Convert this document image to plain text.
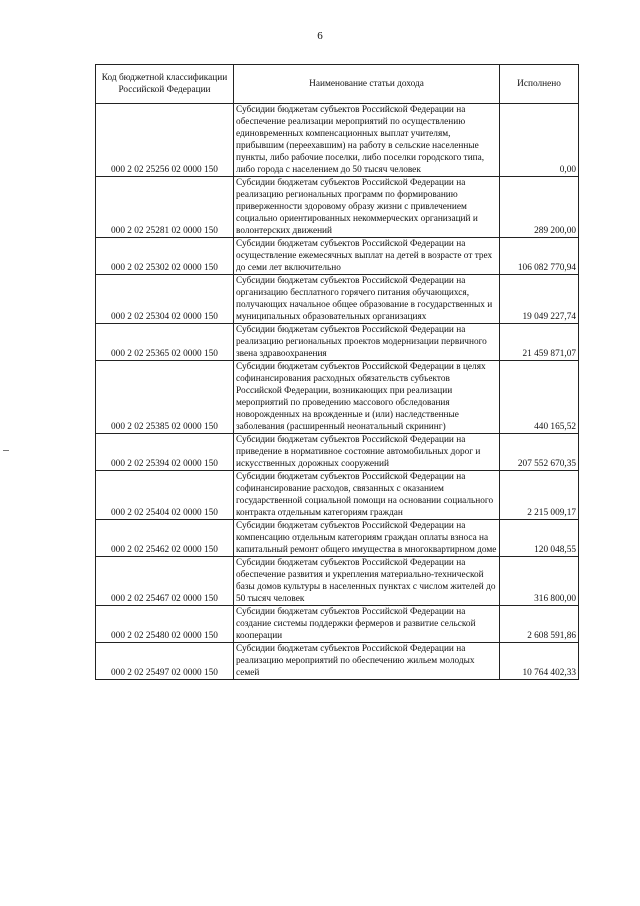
6
Код бюджетной классификации Российской Федерации	Наименование статьи дохода	Исполнено
000 2 02 25256 02 0000 150	Субсидии бюджетам субъектов Российской Федерации на обеспечение реализации мероприятий по осуществлению единовременных компенсационных выплат учителям, прибывшим (переехавшим) на работу в сельские населенные пункты, либо рабочие поселки, либо поселки городского типа, либо города с населением до 50 тысяч человек	0,00
000 2 02 25281 02 0000 150	Субсидии бюджетам субъектов Российской Федерации на реализацию региональных программ по формированию приверженности здоровому образу жизни с привлечением социально ориентированных некоммерческих организаций и волонтерских движений	289 200,00
000 2 02 25302 02 0000 150	Субсидии бюджетам субъектов Российской Федерации на осуществление ежемесячных выплат на детей в возрасте от трех до семи лет включительно	106 082 770,94
000 2 02 25304 02 0000 150	Субсидии бюджетам субъектов Российской Федерации на организацию бесплатного горячего питания обучающихся, получающих начальное общее образование в государственных и муниципальных образовательных организациях	19 049 227,74
000 2 02 25365 02 0000 150	Субсидии бюджетам субъектов Российской Федерации на реализацию региональных проектов модернизации первичного звена здравоохранения	21 459 871,07
000 2 02 25385 02 0000 150	Субсидии бюджетам субъектов Российской Федерации в целях софинансирования расходных обязательств субъектов Российской Федерации, возникающих при реализации мероприятий по проведению массового обследования новорожденных на врожденные и (или) наследственные заболевания (расширенный неонатальный скрининг)	440 165,52
000 2 02 25394 02 0000 150	Субсидии бюджетам субъектов Российской Федерации на приведение в нормативное состояние автомобильных дорог и искусственных дорожных сооружений	207 552 670,35
000 2 02 25404 02 0000 150	Субсидии бюджетам субъектов Российской Федерации на софинансирование расходов, связанных с оказанием государственной социальной помощи на основании социального контракта отдельным категориям граждан	2 215 009,17
000 2 02 25462 02 0000 150	Субсидии бюджетам субъектов Российской Федерации на компенсацию отдельным категориям граждан оплаты взноса на капитальный ремонт общего имущества в многоквартирном доме	120 048,55
000 2 02 25467 02 0000 150	Субсидии бюджетам субъектов Российской Федерации на обеспечение развития и укрепления материально-технической базы домов культуры в населенных пунктах с числом жителей до 50 тысяч человек	316 800,00
000 2 02 25480 02 0000 150	Субсидии бюджетам субъектов Российской Федерации на создание системы поддержки фермеров и развитие сельской кооперации	2 608 591,86
000 2 02 25497 02 0000 150	Субсидии бюджетам субъектов Российской Федерации на реализацию мероприятий по обеспечению жильем молодых семей	10 764 402,33
